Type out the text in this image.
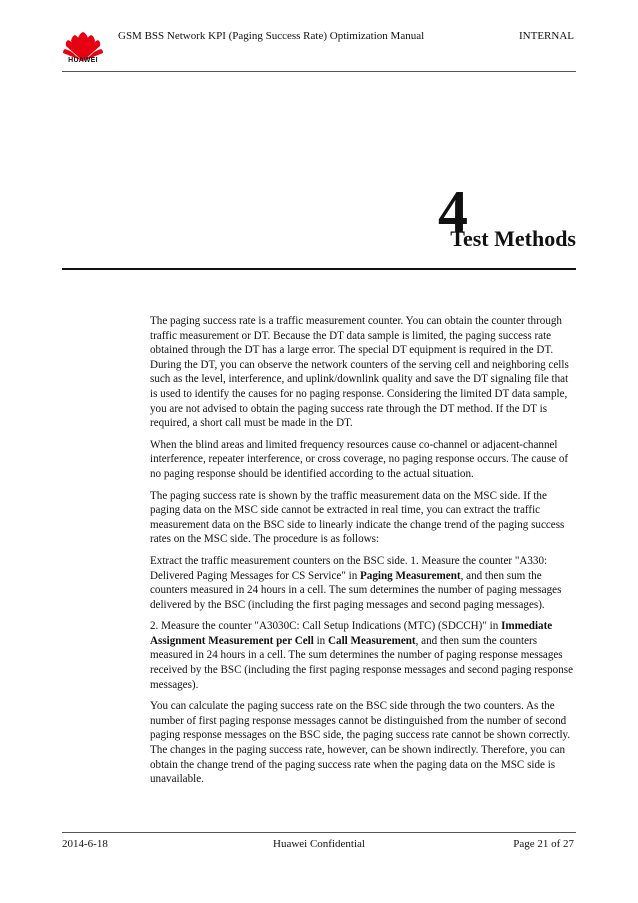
HUAWEI
GSM BSS Network KPI (Paging Success Rate) Optimization Manual	INTERNAL
4
Test Methods

The paging success rate is a traffic measurement counter. You can obtain the counter through traffic measurement or DT. Because the DT data sample is limited, the paging success rate obtained through the DT has a large error. The special DT equipment is required in the DT. During the DT, you can observe the network counters of the serving cell and neighboring cells such as the level, interference, and uplink/downlink quality and save the DT signaling file that is used to identify the causes for no paging response. Considering the limited DT data sample, you are not advised to obtain the paging success rate through the DT method. If the DT is required, a short call must be made in the DT.

When the blind areas and limited frequency resources cause co-channel or adjacent-channel interference, repeater interference, or cross coverage, no paging response occurs. The cause of no paging response should be identified according to the actual situation.

The paging success rate is shown by the traffic measurement data on the MSC side. If the paging data on the MSC side cannot be extracted in real time, you can extract the traffic measurement data on the BSC side to linearly indicate the change trend of the paging success rates on the MSC side. The procedure is as follows:

Extract the traffic measurement counters on the BSC side. 1. Measure the counter "A330: Delivered Paging Messages for CS Service" in Paging Measurement, and then sum the counters measured in 24 hours in a cell. The sum determines the number of paging messages delivered by the BSC (including the first paging messages and second paging messages).

2. Measure the counter "A3030C: Call Setup Indications (MTC) (SDCCH)" in Immediate Assignment Measurement per Cell in Call Measurement, and then sum the counters measured in 24 hours in a cell. The sum determines the number of paging response messages received by the BSC (including the first paging response messages and second paging response messages).

You can calculate the paging success rate on the BSC side through the two counters. As the number of first paging response messages cannot be distinguished from the number of second paging response messages on the BSC side, the paging success rate cannot be shown correctly. The changes in the paging success rate, however, can be shown indirectly. Therefore, you can obtain the change trend of the paging success rate when the paging data on the MSC side is unavailable.

2014-6-18	Huawei Confidential	Page 21 of 27
